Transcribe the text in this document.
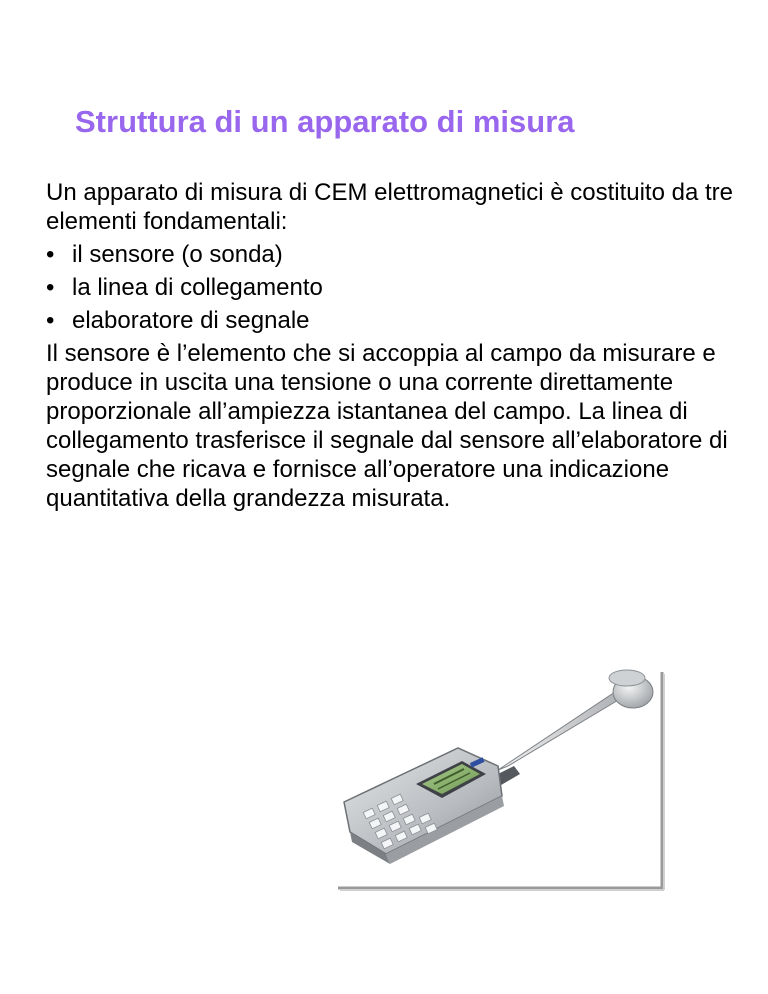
Struttura di un apparato di misura

Un apparato di misura di CEM elettromagnetici è costituito da tre elementi fondamentali:

• il sensore (o sonda)
• la linea di collegamento
• elaboratore di segnale

Il sensore è l’elemento che si accoppia al campo da misurare e produce in uscita una tensione o una corrente direttamente proporzionale all’ampiezza istantanea del campo. La linea di collegamento trasferisce il segnale dal sensore all’elaboratore di segnale che ricava e fornisce all’operatore una indicazione quantitativa della grandezza misurata.
